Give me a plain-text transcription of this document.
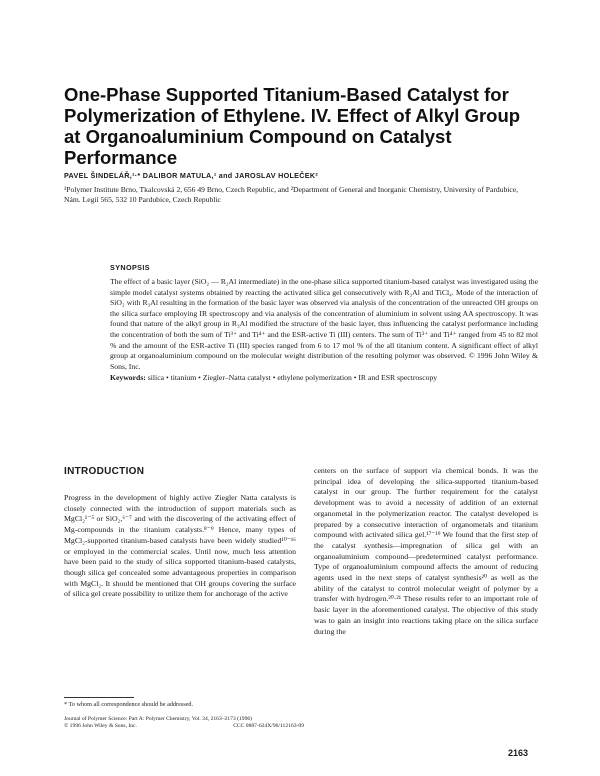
One-Phase Supported Titanium-Based Catalyst for Polymerization of Ethylene. IV. Effect of Alkyl Group at Organoaluminium Compound on Catalyst Performance
PAVEL ŠINDELÁŘ,¹·* DALIBOR MATULA,¹ and JAROSLAV HOLEČEK²
¹Polymer Institute Brno, Tkalcovská 2, 656 49 Brno, Czech Republic, and ²Department of General and Inorganic Chemistry, University of Pardubice, Nám. Legií 565, 532 10 Pardubice, Czech Republic
SYNOPSIS
The effect of a basic layer (SiO₂ — R₂Al intermediate) in the one-phase silica supported titanium-based catalyst was investigated using the simple model catalyst systems obtained by reacting the activated silica gel consecutively with R₃Al and TiCl₄. Mode of the interaction of SiO₂ with R₃Al resulting in the formation of the basic layer was observed via analysis of the concentration of the unreacted OH groups on the silica surface employing IR spectroscopy and via analysis of the concentration of aluminium in solvent using AA spectroscopy. It was found that nature of the alkyl group in R₃Al modified the structure of the basic layer, thus influencing the catalyst performance including the concentration of both the sum of Ti³⁺ and Ti⁴⁺ and the ESR-active Ti (III) centers. The sum of Ti³⁺ and Ti⁴⁺ ranged from 45 to 82 mol % and the amount of the ESR-active Ti (III) species ranged from 6 to 17 mol % of the all titanium content. A significant effect of alkyl group at organoaluminium compound on the molecular weight distribution of the resulting polymer was observed. © 1996 John Wiley & Sons, Inc.
Keywords: silica • titanium • Ziegler–Natta catalyst • ethylene polymerization • IR and ESR spectroscopy
INTRODUCTION

Progress in the development of highly active Ziegler Natta catalysts is closely connected with the introduction of support materials such as MgCl₂¹⁻⁵ or SiO₂,⁶⁻⁷ and with the discovering of the activating effect of Mg-compounds in the titanium catalysts.⁸⁻⁹ Hence, many types of MgCl₂-supported titanium-based catalysts have been widely studied¹⁰⁻¹⁶ or employed in the commercial scales. Until now, much less attention have been paid to the study of silica supported titanium-based catalysts, though silica gel concealed some advantageous properties in comparison with MgCl₂. It should be mentioned that OH groups covering the surface of silica gel create possibility to utilize them for anchorage of the active

centers on the surface of support via chemical bonds. It was the principal idea of developing the silica-supported titanium-based catalyst in our group. The further requirement for the catalyst development was to avoid a necessity of addition of an external organometal in the polymerization reactor. The catalyst developed is prepared by a consecutive interaction of organometals and titanium compound with activated silica gel.¹⁷⁻¹⁹ We found that the first step of the catalyst synthesis—impregnation of silica gel with an organoaluminium compound—predetermined catalyst performance. Type of organoaluminium compound affects the amount of reducing agents used in the next steps of catalyst synthesis²⁰ as well as the ability of the catalyst to control molecular weight of polymer by a transfer with hydrogen.²⁰·²¹ These results refer to an important role of basic layer in the aforementioned catalyst. The objective of this study was to gain an insight into reactions taking place on the silica surface during the

* To whom all correspondence should be addressed.
Journal of Polymer Science: Part A: Polymer Chemistry, Vol. 34, 2163–2173 (1996)
© 1996 John Wiley & Sons, Inc.	CCC 0887-624X/96/112163-09
2163
